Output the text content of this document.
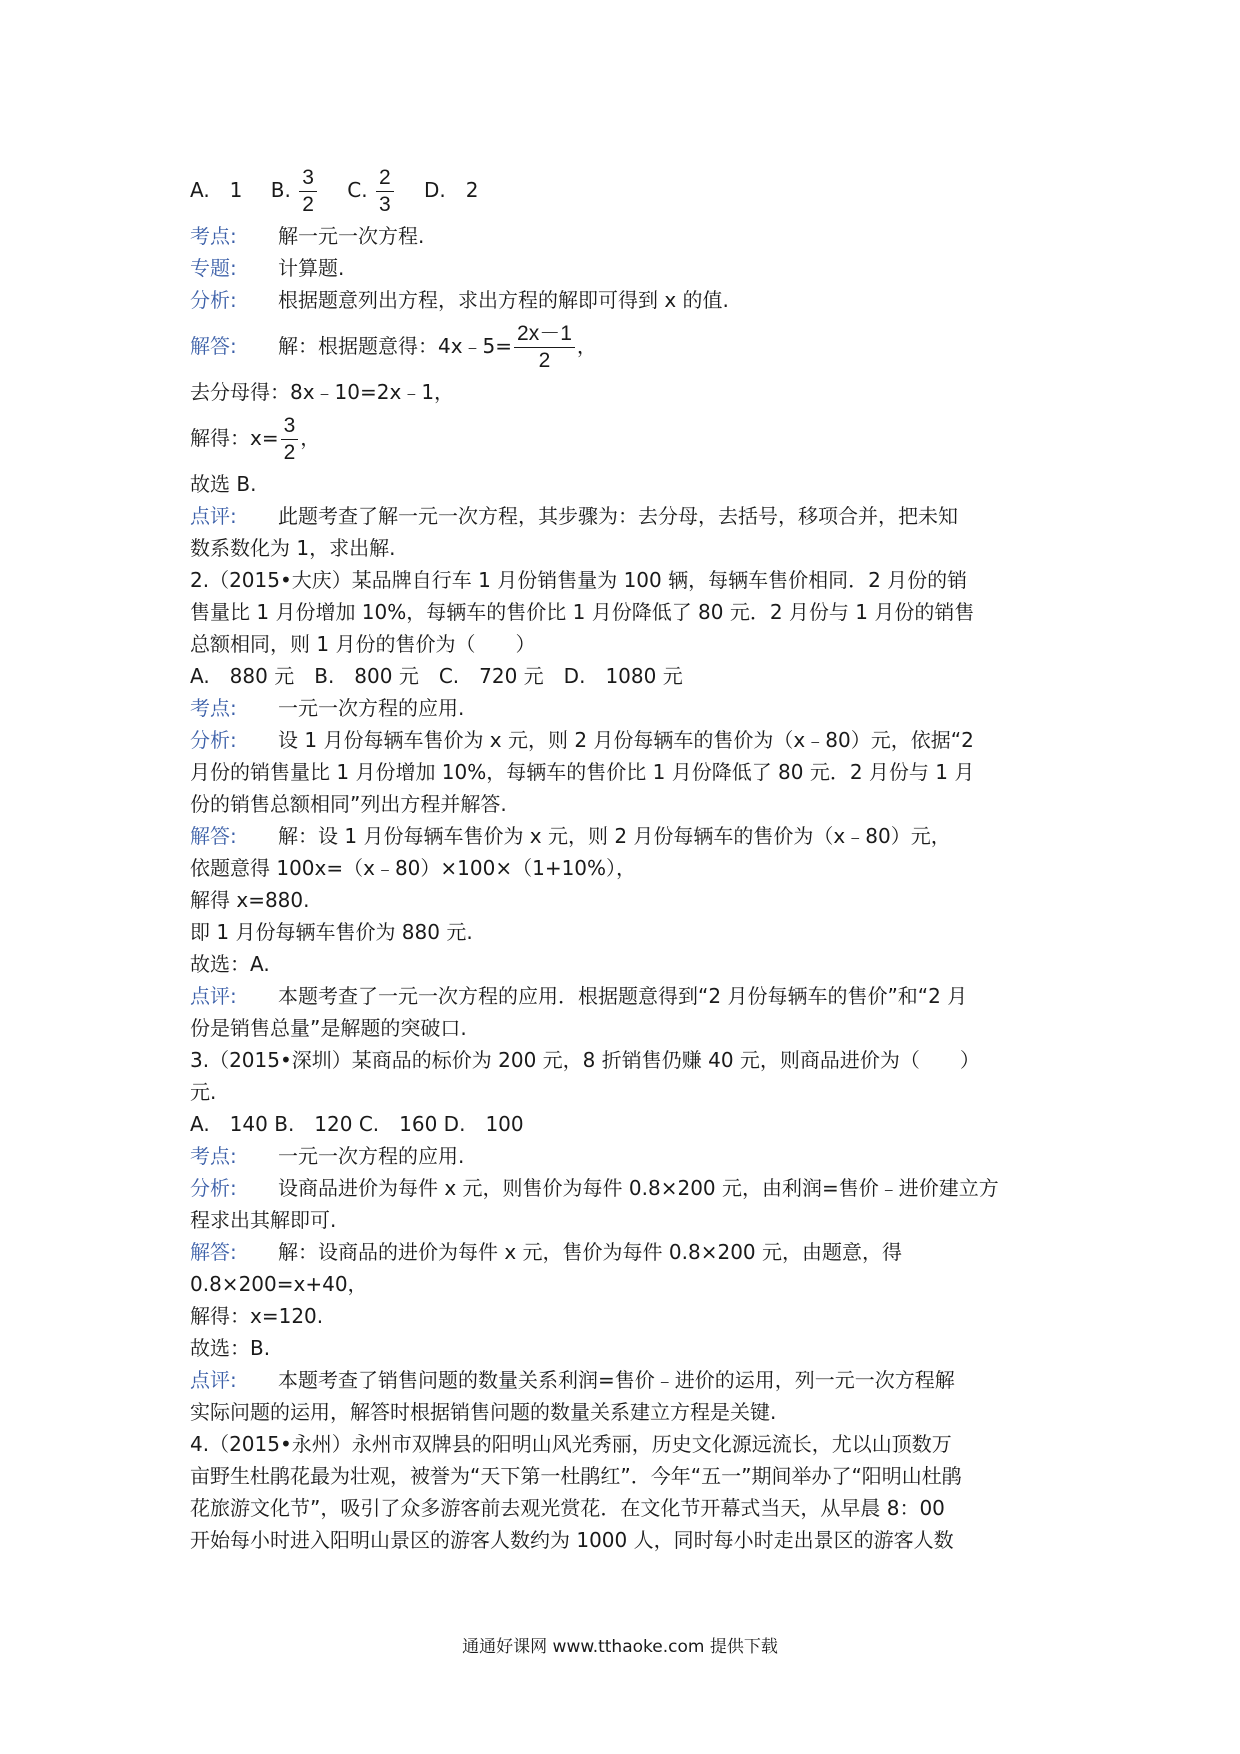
A.　1 B. $\frac{3}{2} C$. $\frac{2}{3} D$.　2
考点: 解一元一次方程.
专题: 计算题.
分析: 根据题意列出方程，求出方程的解即可得到 x 的值.
解答: 解：根据题意得：4x﹣5= $\frac{2x-1}{2}$ ，
去分母得：8x﹣10=2x﹣1，
解得：$x= \frac{3}{2}$ ，
故选 B.
点评: 此题考查了解一元一次方程，其步骤为：去分母，去括号，移项合并，把未知
数系数化为 1，求出解.
2.（2015•大庆）某品牌自行车 1 月份销售量为 100 辆，每辆车售价相同．2 月份的销
售量比 1 月份增加 10%，每辆车的售价比 1 月份降低了 80 元．2 月份与 1 月份的销售
总额相同，则 1 月份的售价为（　　）
A.　880 元　B.　800 元　C.　720 元　D.　1080 元
考点: 一元一次方程的应用.
分析: 设 1 月份每辆车售价为 x 元，则 2 月份每辆车的售价为（x﹣80）元，依据“2
月份的销售量比 1 月份增加 10%，每辆车的售价比 1 月份降低了 80 元．2 月份与 1 月
份的销售总额相同”列出方程并解答.
解答: 解：设 1 月份每辆车售价为 x 元，则 2 月份每辆车的售价为（x﹣80）元，
依题意得 100x=（x﹣80）×100×（1+10%），
解得 x=880.
即 1 月份每辆车售价为 880 元.
故选：A.
点评: 本题考查了一元一次方程的应用．根据题意得到“2 月份每辆车的售价”和“2 月
份是销售总量”是解题的突破口.
3.（2015•深圳）某商品的标价为 200 元，8 折销售仍赚 40 元，则商品进价为（　　）
元.
A.　140 B.　120 C.　160 D.　100
考点: 一元一次方程的应用.
分析: 设商品进价为每件 x 元，则售价为每件 0.8×200 元，由利润=售价﹣进价建立方
程求出其解即可.
解答: 解：设商品的进价为每件 x 元，售价为每件 0.8×200 元，由题意，得
0.8×200=x+40，
解得：x=120.
故选：B.
点评: 本题考查了销售问题的数量关系利润=售价﹣进价的运用，列一元一次方程解
实际问题的运用，解答时根据销售问题的数量关系建立方程是关键.
4.（2015•永州）永州市双牌县的阳明山风光秀丽，历史文化源远流长，尤以山顶数万
亩野生杜鹃花最为壮观，被誉为“天下第一杜鹃红”．今年“五一”期间举办了“阳明山杜鹃
花旅游文化节”，吸引了众多游客前去观光赏花．在文化节开幕式当天，从早晨 8：00
开始每小时进入阳明山景区的游客人数约为 1000 人，同时每小时走出景区的游客人数
通通好课网 www.tthaoke.com 提供下载
